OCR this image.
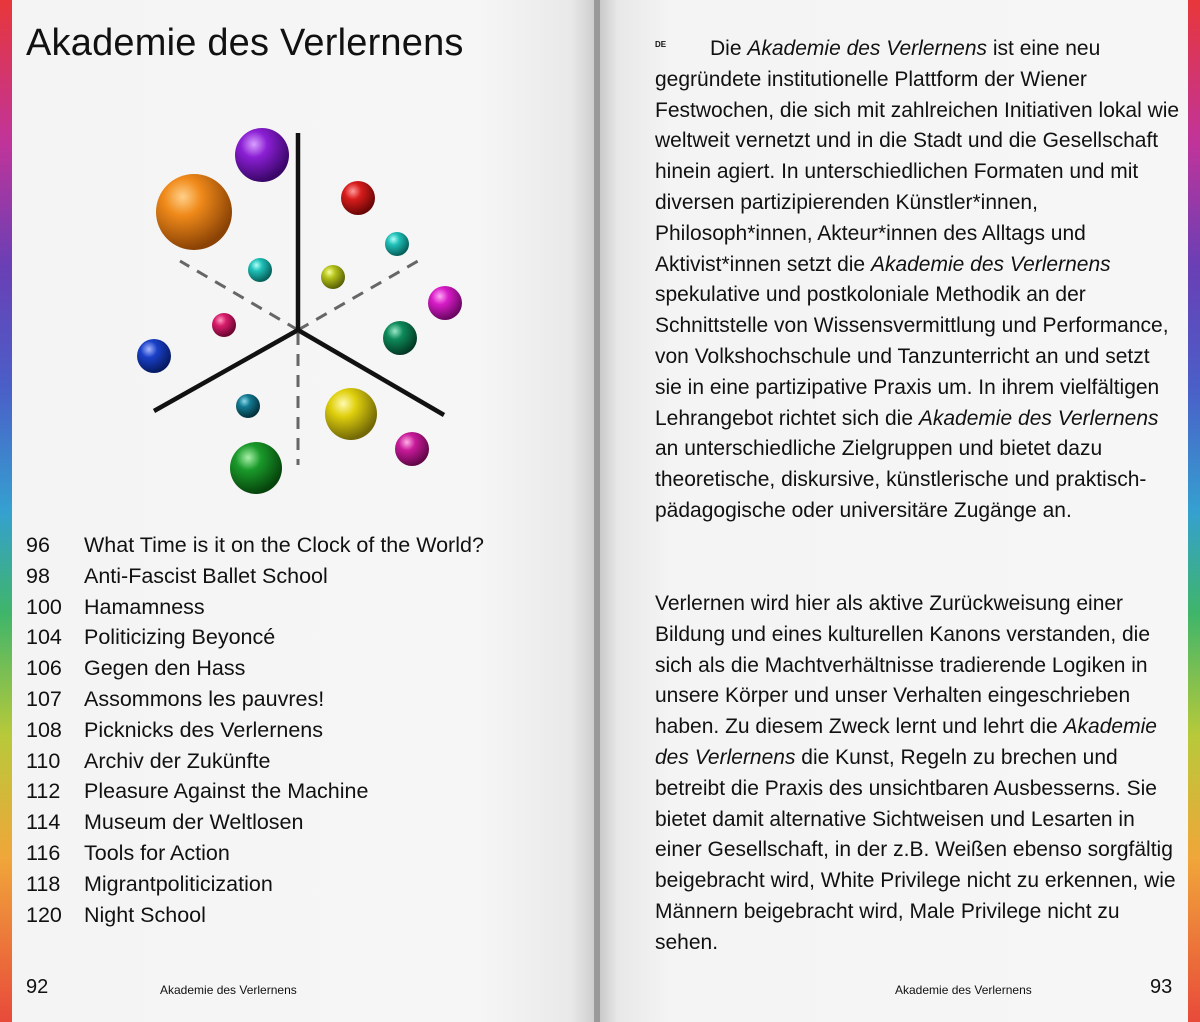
Akademie des Verlernens
96 What Time is it on the Clock of the World?
98 Anti-Fascist Ballet School
100 Hamamness
104 Politicizing Beyoncé
106 Gegen den Hass
107 Assommons les pauvres!
108 Picknicks des Verlernens
110 Archiv der Zukünfte
112 Pleasure Against the Machine
114 Museum der Weltlosen
116 Tools for Action
118 Migrantpoliticization
120 Night School
92	Akademie des Verlernens
DE	Die Akademie des Verlernens ist eine neu gegründete institutionelle Plattform der Wiener Festwochen, die sich mit zahlreichen Initiativen lokal wie weltweit vernetzt und in die Stadt und die Gesellschaft hinein agiert. In unterschiedlichen Formaten und mit diversen partizipierenden Künstler*innen, Philosoph*innen, Akteur*innen des Alltags und Aktivist*innen setzt die Akademie des Verlernens spekulative und postkoloniale Methodik an der Schnittstelle von Wissensvermittlung und Performance, von Volkshochschule und Tanzunterricht an und setzt sie in eine partizipative Praxis um. In ihrem vielfältigen Lehrangebot richtet sich die Akademie des Verlernens an unterschiedliche Zielgruppen und bietet dazu theoretische, diskursive, künstlerische und praktisch-pädagogische oder universitäre Zugänge an.

Verlernen wird hier als aktive Zurückweisung einer Bildung und eines kulturellen Kanons verstanden, die sich als die Machtverhältnisse tradierende Logiken in unsere Körper und unser Verhalten eingeschrieben haben. Zu diesem Zweck lernt und lehrt die Akademie des Verlernens die Kunst, Regeln zu brechen und betreibt die Praxis des unsichtbaren Ausbesserns. Sie bietet damit alternative Sichtweisen und Lesarten in einer Gesellschaft, in der z.B. Weißen ebenso sorgfältig beigebracht wird, White Privilege nicht zu erkennen, wie Männern beigebracht wird, Male Privilege nicht zu sehen.

Akademie des Verlernens	93
